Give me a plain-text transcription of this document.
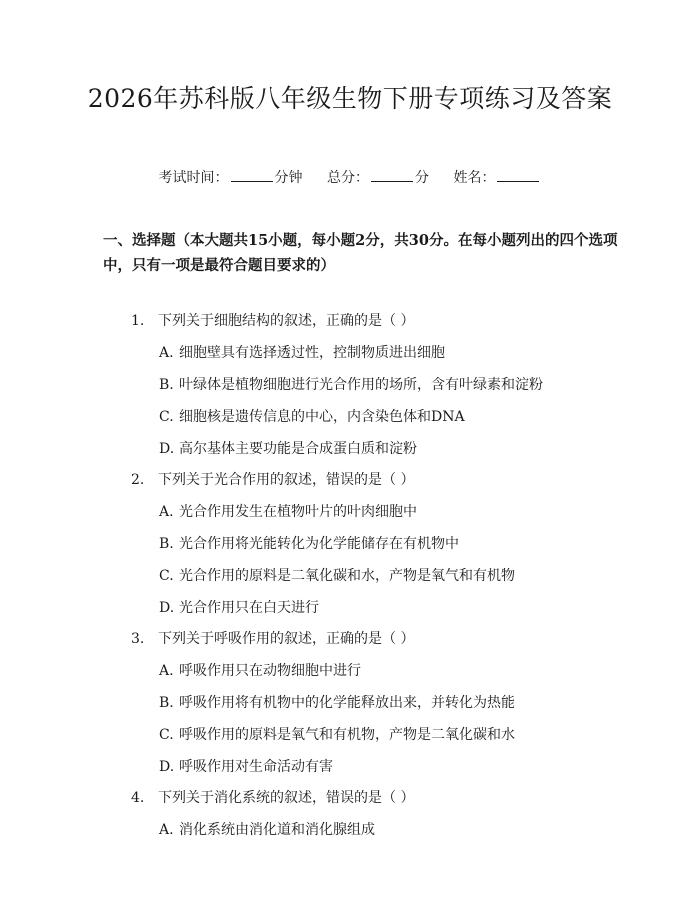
2026年苏科版八年级生物下册专项练习及答案
考试时间：	分钟 总分：	分 姓名：
一、选择题（本大题共15小题，每小题2分，共30分。在每小题列出的四个选项中，只有一项是最符合题目要求的）
1. 下列关于细胞结构的叙述，正确的是（ ）
A. 细胞壁具有选择透过性，控制物质进出细胞
B. 叶绿体是植物细胞进行光合作用的场所，含有叶绿素和淀粉
C. 细胞核是遗传信息的中心，内含染色体和DNA
D. 高尔基体主要功能是合成蛋白质和淀粉
2. 下列关于光合作用的叙述，错误的是（ ）
A. 光合作用发生在植物叶片的叶肉细胞中
B. 光合作用将光能转化为化学能储存在有机物中
C. 光合作用的原料是二氧化碳和水，产物是氧气和有机物
D. 光合作用只在白天进行
3. 下列关于呼吸作用的叙述，正确的是（ ）
A. 呼吸作用只在动物细胞中进行
B. 呼吸作用将有机物中的化学能释放出来，并转化为热能
C. 呼吸作用的原料是氧气和有机物，产物是二氧化碳和水
D. 呼吸作用对生命活动有害
4. 下列关于消化系统的叙述，错误的是（ ）
A. 消化系统由消化道和消化腺组成
